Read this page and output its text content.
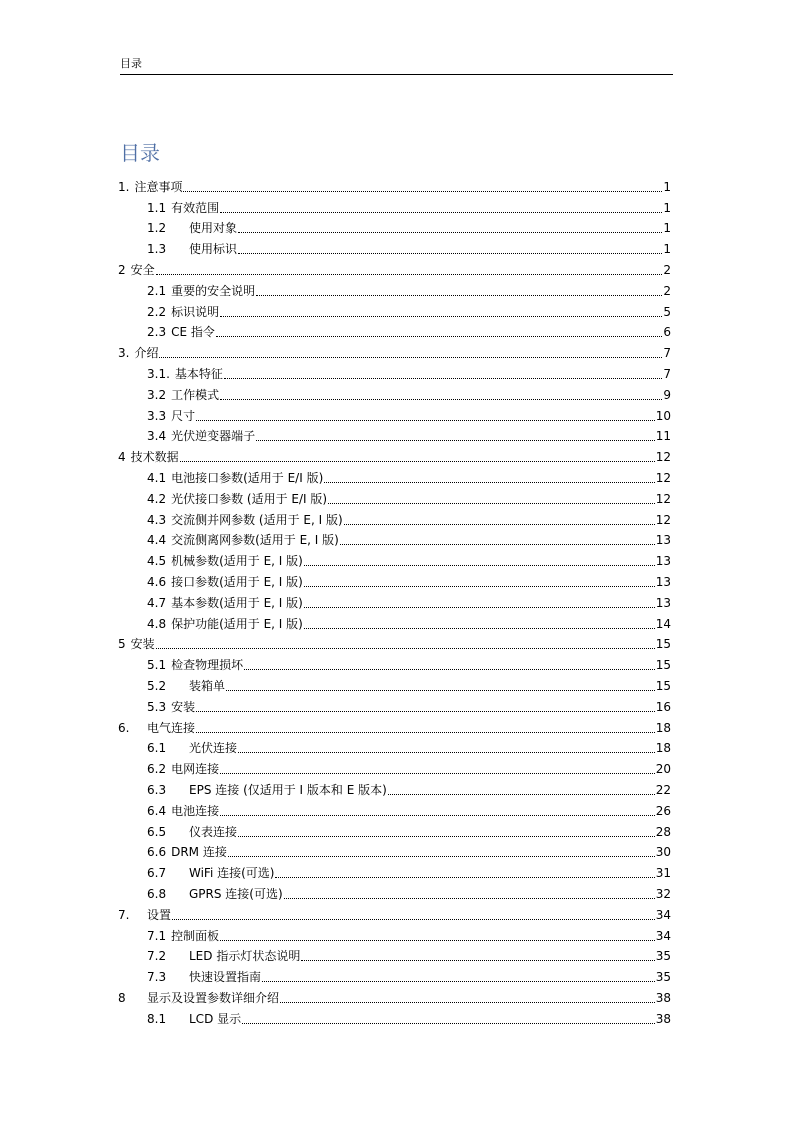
目录
目录
1. 注意事项	1
1.1 有效范围	1
1.2	使用对象	1
1.3	使用标识	1
2 安全	2
2.1 重要的安全说明	2
2.2 标识说明	5
2.3 CE 指令	6
3. 介绍	7
3.1. 基本特征	7
3.2 工作模式	9
3.3 尺寸	10
3.4 光伏逆变器端子	11
4 技术数据	12
4.1 电池接口参数(适用于 E/I 版)	12
4.2 光伏接口参数 (适用于 E/I 版)	12
4.3 交流侧并网参数 (适用于 E, I 版)	12
4.4 交流侧离网参数(适用于 E, I 版)	13
4.5 机械参数(适用于 E, I 版)	13
4.6 接口参数(适用于 E, I 版)	13
4.7 基本参数(适用于 E, I 版)	13
4.8 保护功能(适用于 E, I 版)	14
5 安装	15
5.1 检查物理损坏	15
5.2	装箱单	15
5.3 安装	16
6.	电气连接	18
6.1	光伏连接	18
6.2 电网连接	20
6.3	EPS 连接 (仅适用于 I 版本和 E 版本)	22
6.4 电池连接	26
6.5	仪表连接	28
6.6 DRM 连接	30
6.7	WiFi 连接(可选)	31
6.8	GPRS 连接(可选)	32
7.	设置	34
7.1 控制面板	34
7.2	LED 指示灯状态说明	35
7.3	快速设置指南	35
8	显示及设置参数详细介绍	38
8.1	LCD 显示	38
